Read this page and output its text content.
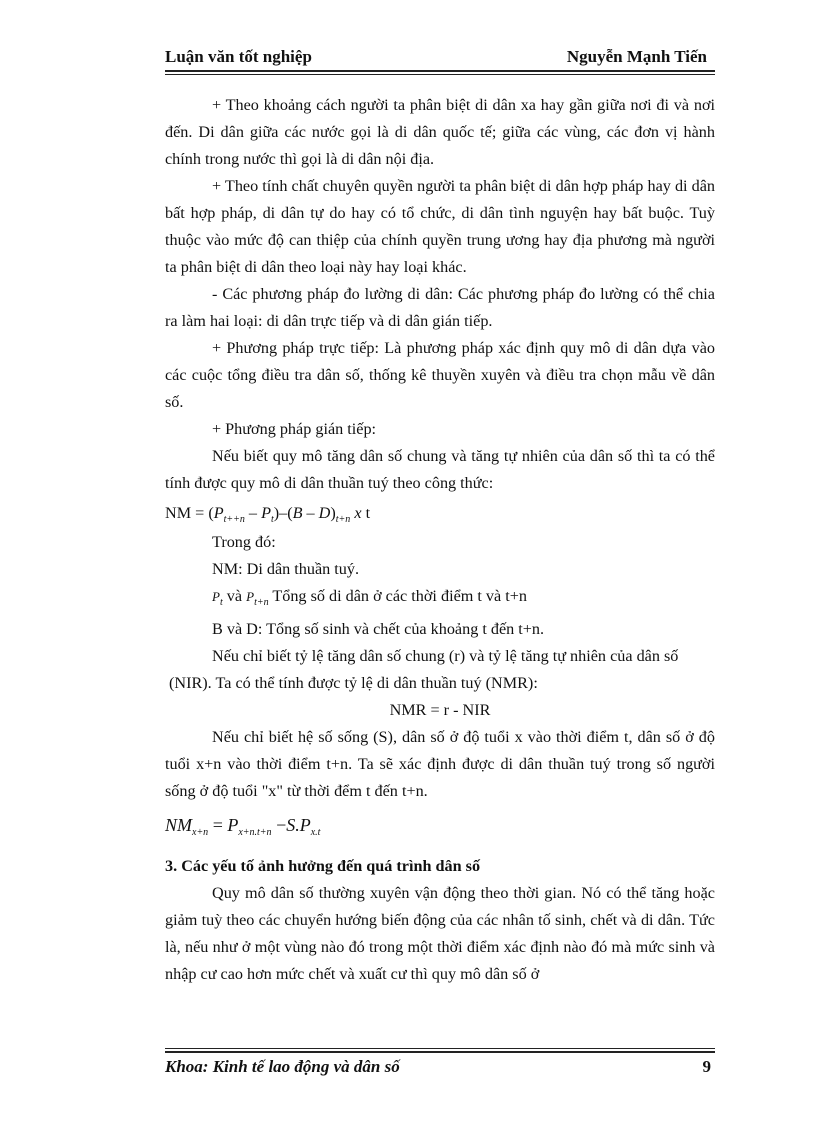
Luận văn tốt nghiệp	Nguyễn Mạnh Tiến

+ Theo khoảng cách người ta phân biệt di dân xa hay gần giữa nơi đi và nơi đến. Di dân giữa các nước gọi là di dân quốc tế; giữa các vùng, các đơn vị hành chính trong nước thì gọi là di dân nội địa.

+ Theo tính chất chuyên quyền người ta phân biệt di dân hợp pháp hay di dân bất hợp pháp, di dân tự do hay có tổ chức, di dân tình nguyện hay bất buộc. Tuỳ thuộc vào mức độ can thiệp của chính quyền trung ương hay địa phương mà người ta phân biệt di dân theo loại này hay loại khác.

- Các phương pháp đo lường di dân: Các phương pháp đo lường có thể chia ra làm hai loại: di dân trực tiếp và di dân gián tiếp.

+ Phương pháp trực tiếp: Là phương pháp xác định quy mô di dân dựa vào các cuộc tổng điều tra dân số, thống kê thuyền xuyên và điều tra chọn mẫu về dân số.

+ Phương pháp gián tiếp:

Nếu biết quy mô tăng dân số chung và tăng tự nhiên của dân số thì ta có thể tính được quy mô di dân thuần tuý theo công thức:

NM = $(P_{t++n} - P_t)-(B - D)_{t+n}$ x t

Trong đó:

NM: Di dân thuần tuý.

$P_t$ và $P_{t+n}$ Tổng số di dân ở các thời điểm t và t+n

B và D: Tổng số sinh và chết của khoảng t đến t+n.

Nếu chỉ biết tỷ lệ tăng dân số chung (r) và tỷ lệ tăng tự nhiên của dân số

(NIR). Ta có thể tính được tỷ lệ di dân thuần tuý (NMR):

NMR = r - NIR

Nếu chỉ biết hệ số sống (S), dân số ở độ tuổi x vào thời điểm t, dân số ở độ tuổi x+n vào thời điểm t+n. Ta sẽ xác định được di dân thuần tuý trong số người sống ở độ tuổi "x" từ thời đểm t đến t+n.

$NM_{x+n} = P_{x+n.t+n} -S.P_{x.t}$

3. Các yếu tố ảnh hưởng đến quá trình dân số

Quy mô dân số thường xuyên vận động theo thời gian. Nó có thể tăng hoặc giảm tuỳ theo các chuyển hướng biến động của các nhân tố sinh, chết và di dân. Tức là, nếu như ở một vùng nào đó trong một thời điểm xác định nào đó mà mức sinh và nhập cư cao hơn mức chết và xuất cư thì quy mô dân số ở

Khoa: Kinh tế lao động và dân số	9
